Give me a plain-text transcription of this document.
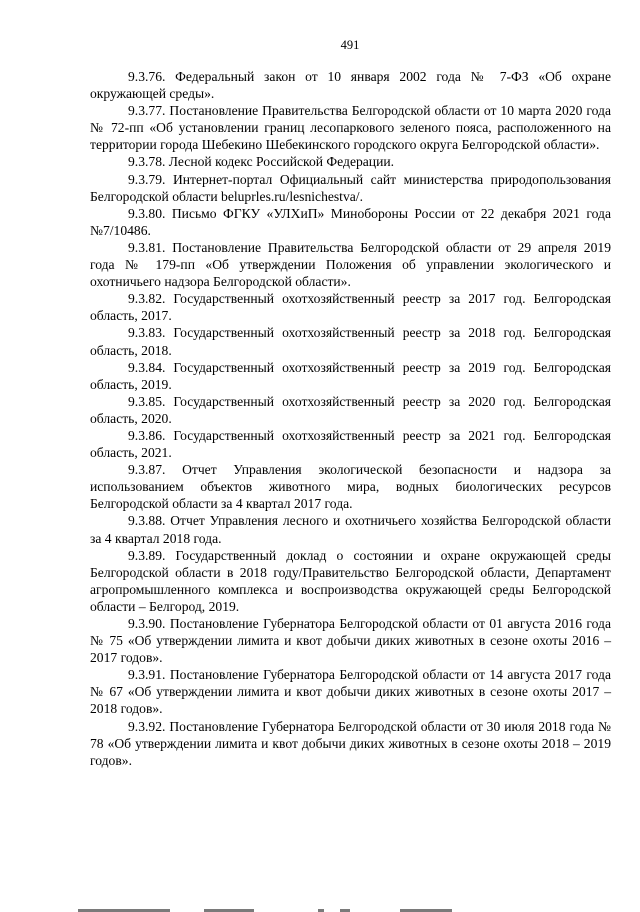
491

9.3.76. Федеральный закон от 10 января 2002 года № 7-ФЗ «Об охране окружающей среды».

9.3.77. Постановление Правительства Белгородской области от 10 марта 2020 года № 72-пп «Об установлении границ лесопаркового зеленого пояса, расположенного на территории города Шебекино Шебекинского городского округа Белгородской области».

9.3.78. Лесной кодекс Российской Федерации.

9.3.79. Интернет-портал Официальный сайт министерства природопользования Белгородской области beluprles.ru/lesnichestva/.

9.3.80. Письмо ФГКУ «УЛХиП» Минобороны России от 22 декабря 2021 года №7/10486.

9.3.81. Постановление Правительства Белгородской области от 29 апреля 2019 года № 179-пп «Об утверждении Положения об управлении экологического и охотничьего надзора Белгородской области».

9.3.82. Государственный охотхозяйственный реестр за 2017 год. Белгородская область, 2017.

9.3.83. Государственный охотхозяйственный реестр за 2018 год. Белгородская область, 2018.

9.3.84. Государственный охотхозяйственный реестр за 2019 год. Белгородская область, 2019.

9.3.85. Государственный охотхозяйственный реестр за 2020 год. Белгородская область, 2020.

9.3.86. Государственный охотхозяйственный реестр за 2021 год. Белгородская область, 2021.

9.3.87. Отчет Управления экологической безопасности и надзора за использованием объектов животного мира, водных биологических ресурсов Белгородской области за 4 квартал 2017 года.

9.3.88. Отчет Управления лесного и охотничьего хозяйства Белгородской области за 4 квартал 2018 года.

9.3.89. Государственный доклад о состоянии и охране окружающей среды Белгородской области в 2018 году/Правительство Белгородской области, Департамент агропромышленного комплекса и воспроизводства окружающей среды Белгородской области – Белгород, 2019.

9.3.90. Постановление Губернатора Белгородской области от 01 августа 2016 года № 75 «Об утверждении лимита и квот добычи диких животных в сезоне охоты 2016 – 2017 годов».

9.3.91. Постановление Губернатора Белгородской области от 14 августа 2017 года № 67 «Об утверждении лимита и квот добычи диких животных в сезоне охоты 2017 – 2018 годов».

9.3.92. Постановление Губернатора Белгородской области от 30 июля 2018 года № 78 «Об утверждении лимита и квот добычи диких животных в сезоне охоты 2018 – 2019 годов».
